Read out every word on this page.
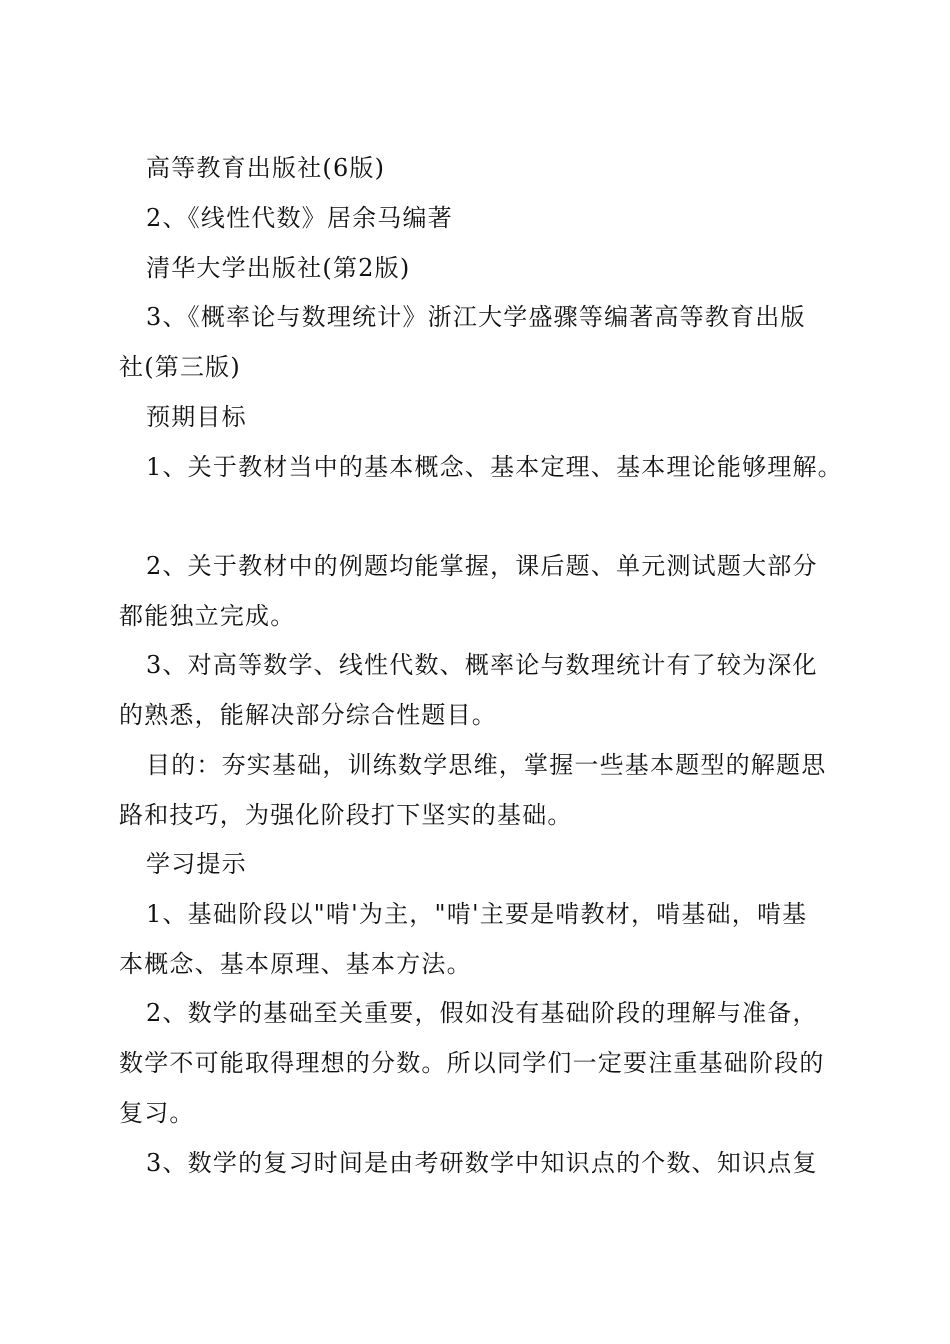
高等教育出版社(6版)
2、《线性代数》居余马编著
清华大学出版社(第2版)
3、《概率论与数理统计》浙江大学盛骤等编著高等教育出版
社(第三版)
预期目标
1、关于教材当中的基本概念、基本定理、基本理论能够理解。
2、关于教材中的例题均能掌握，课后题、单元测试题大部分
都能独立完成。
3、对高等数学、线性代数、概率论与数理统计有了较为深化
的熟悉，能解决部分综合性题目。
目的：夯实基础，训练数学思维，掌握一些基本题型的解题思
路和技巧，为强化阶段打下坚实的基础。
学习提示
1、基础阶段以"啃'为主，"啃'主要是啃教材，啃基础，啃基
本概念、基本原理、基本方法。
2、数学的基础至关重要，假如没有基础阶段的理解与准备，
数学不可能取得理想的分数。所以同学们一定要注重基础阶段的
复习。
3、数学的复习时间是由考研数学中知识点的个数、知识点复
